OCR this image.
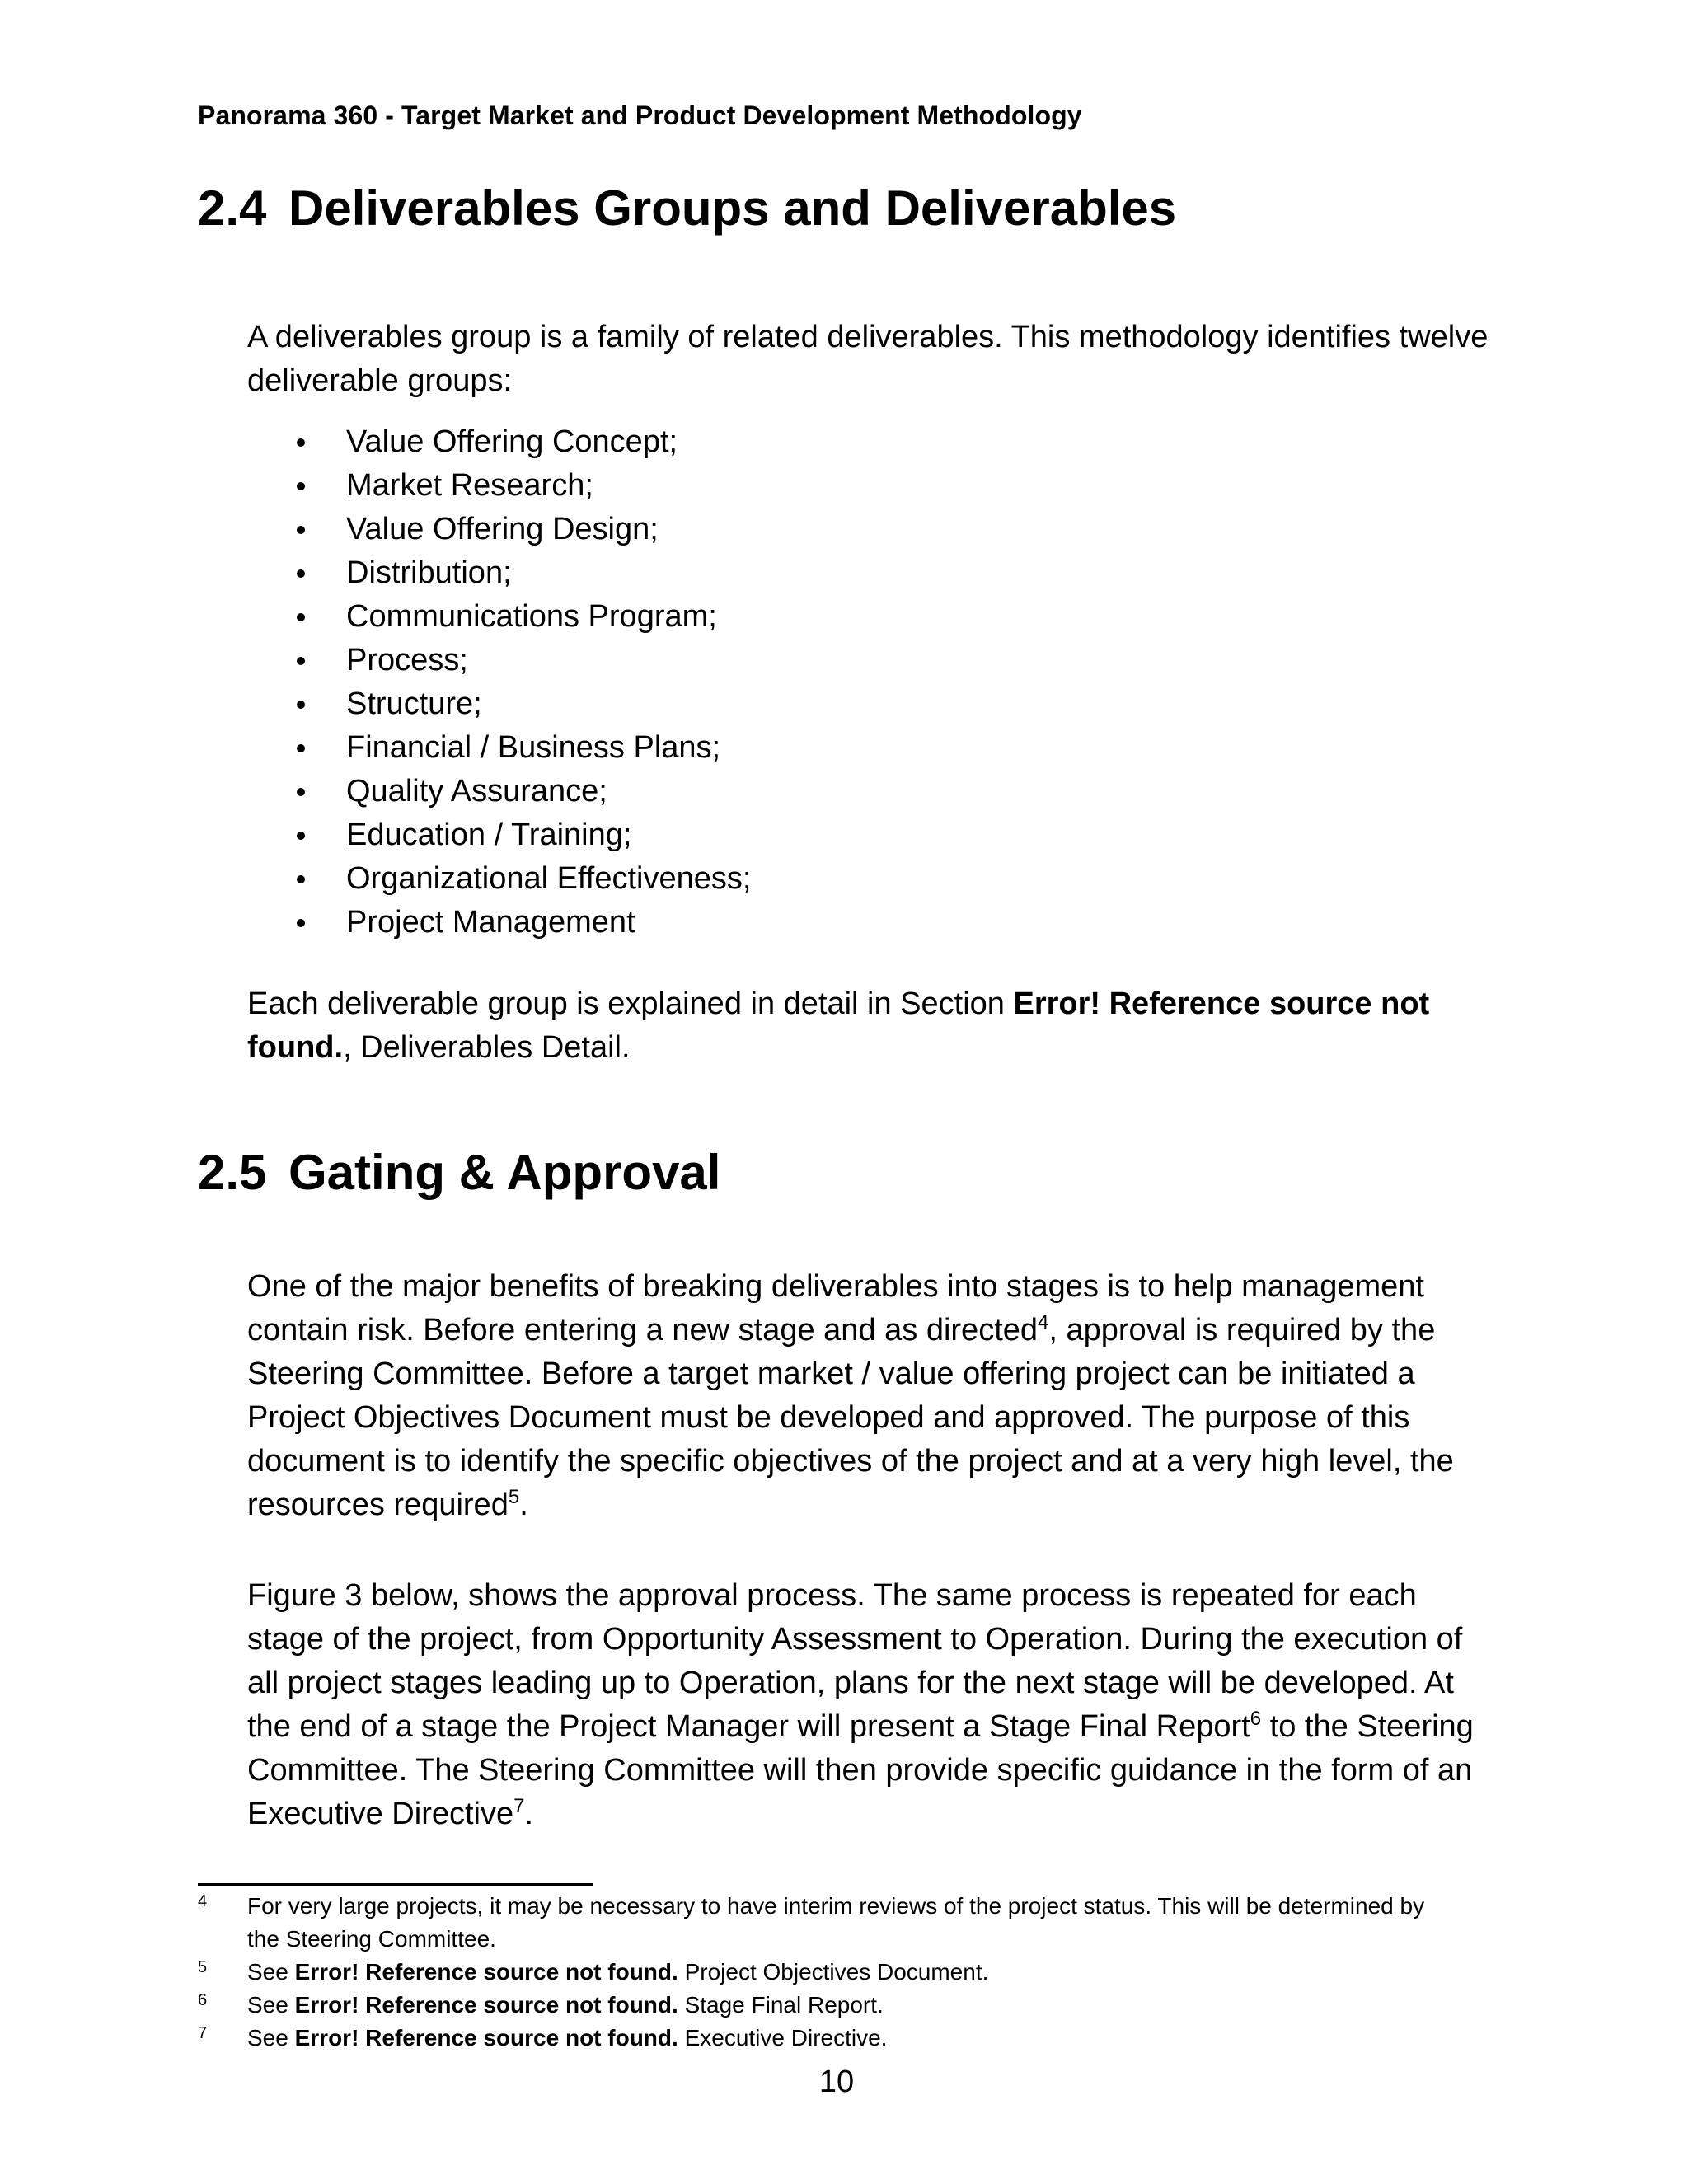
Panorama 360 - Target Market and Product Development Methodology
2.4 Deliverables Groups and Deliverables

A deliverables group is a family of related deliverables. This methodology identifies twelve deliverable groups:

Value Offering Concept;
Market Research;
Value Offering Design;
Distribution;
Communications Program;
Process;
Structure;
Financial / Business Plans;
Quality Assurance;
Education / Training;
Organizational Effectiveness;
Project Management

Each deliverable group is explained in detail in Section Error! Reference source not found., Deliverables Detail.

2.5 Gating & Approval

One of the major benefits of breaking deliverables into stages is to help management contain risk. Before entering a new stage and as directed$^4$, approval is required by the Steering Committee. Before a target market / value offering project can be initiated a Project Objectives Document must be developed and approved. The purpose of this document is to identify the specific objectives of the project and at a very high level, the resources required$^5$.

Figure 3 below, shows the approval process. The same process is repeated for each stage of the project, from Opportunity Assessment to Operation. During the execution of all project stages leading up to Operation, plans for the next stage will be developed. At the end of a stage the Project Manager will present a Stage Final Report$^6$ to the Steering Committee. The Steering Committee will then provide specific guidance in the form of an Executive Directive$^7$.

4 For very large projects, it may be necessary to have interim reviews of the project status. This will be determined by the Steering Committee.
5 See Error! Reference source not found. Project Objectives Document.
6 See Error! Reference source not found. Stage Final Report.
7 See Error! Reference source not found. Executive Directive.
10
